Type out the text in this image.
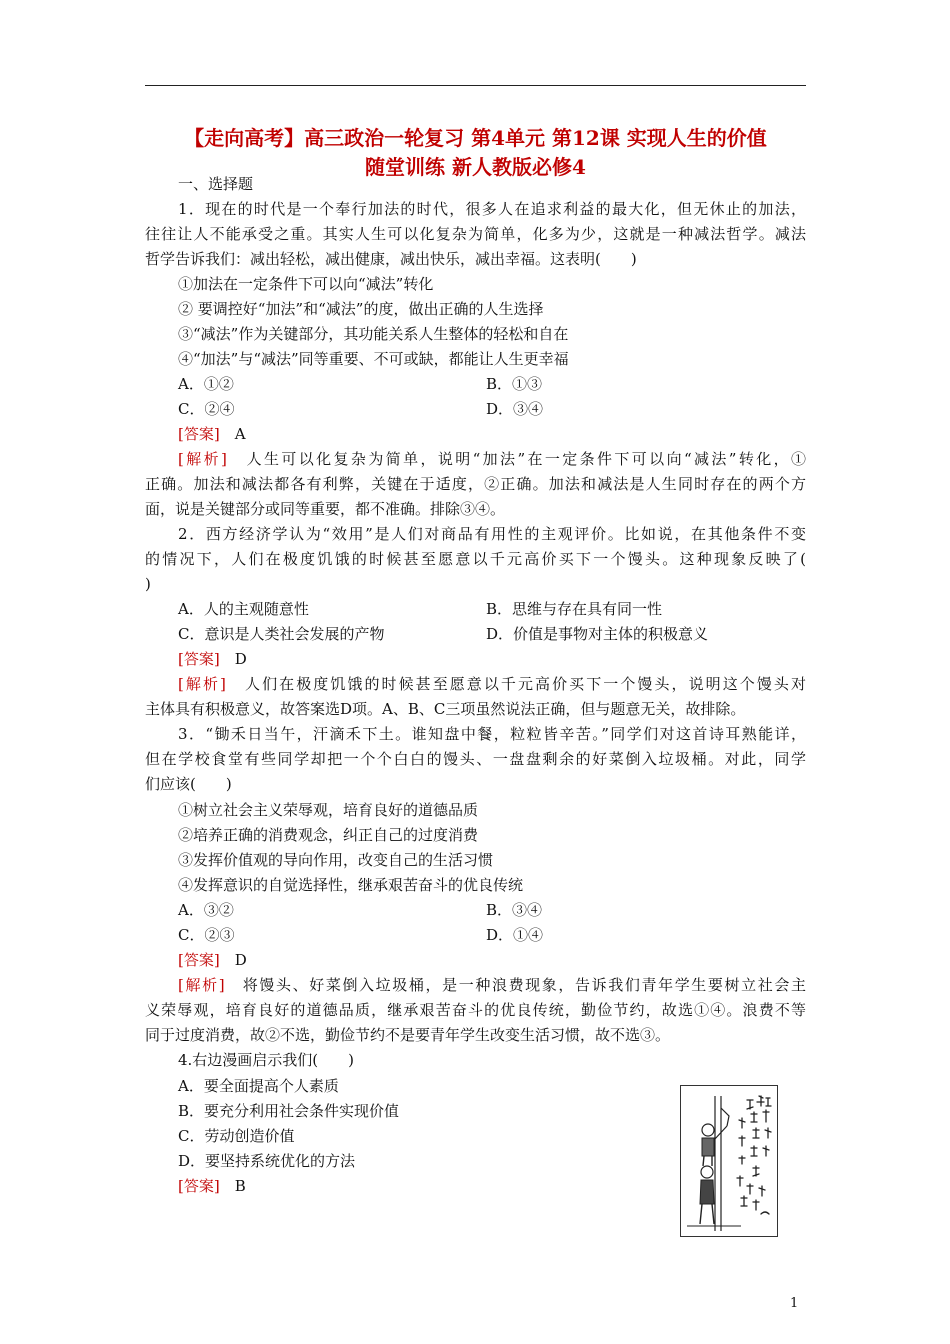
【走向高考】高三政治一轮复习 第4单元 第12课 实现人生的价值
随堂训练 新人教版必修4
一、选择题
1．现在的时代是一个奉行加法的时代，很多人在追求利益的最大化，但无休止的加法，
往往让人不能承受之重。其实人生可以化复杂为简单，化多为少，这就是一种减法哲学。减法
哲学告诉我们：减出轻松，减出健康，减出快乐，减出幸福。这表明(　　)
①加法在一定条件下可以向“减法”转化
② 要调控好“加法”和“减法”的度，做出正确的人生选择
③“减法”作为关键部分，其功能关系人生整体的轻松和自在
④“加法”与“减法”同等重要、不可或缺，都能让人生更幸福
A．①②	B．①③
C．②④	D．③④
[答案]　 A
[解析]　人生可以化复杂为简单，说明“加法”在一定条件下可以向“减法”转化，①
正确。加法和减法都各有利弊，关键在于适度，②正确。加法和减法是人生同时存在的两个方
面，说是关键部分或同等重要，都不准确。排除③④。
2．西方经济学认为“效用”是人们对商品有用性的主观评价。比如说，在其他条件不变
的情况下，人们在极度饥饿的时候甚至愿意以千元高价买下一个馒头。这种现象反映了(
)
A．人的主观随意性	B．思维与存在具有同一性
C．意识是人类社会发展的产物	D．价值是事物对主体的积极意义
[答案]　 D
[解析]　人们在极度饥饿的时候甚至愿意以千元高价买下一个馒头，说明这个馒头对
主体具有积极意义，故答案选D项。A、B、C三项虽然说法正确，但与题意无关，故排除。
3．“锄禾日当午，汗滴禾下土。谁知盘中餐，粒粒皆辛苦。”同学们对这首诗耳熟能详，
但在学校食堂有些同学却把一个个白白的馒头、一盘盘剩余的好菜倒入垃圾桶。对此，同学
们应该(　　)
①树立社会主义荣辱观，培育良好的道德品质
②培养正确的消费观念，纠正自己的过度消费
③发挥价值观的导向作用，改变自己的生活习惯
④发挥意识的自觉选择性，继承艰苦奋斗的优良传统
A．③②	B．③④
C．②③	D．①④
[答案]　 D
[解析]　将馒头、好菜倒入垃圾桶，是一种浪费现象，告诉我们青年学生要树立社会主
义荣辱观，培育良好的道德品质，继承艰苦奋斗的优良传统，勤俭节约，故选①④。浪费不等
同于过度消费，故②不选，勤俭节约不是要青年学生改变生活习惯，故不选③。
4.右边漫画启示我们(　　)
A．要全面提高个人素质
B．要充分利用社会条件实现价值
C．劳动创造价值
D．要坚持系统优化的方法
[答案]　 B
1
